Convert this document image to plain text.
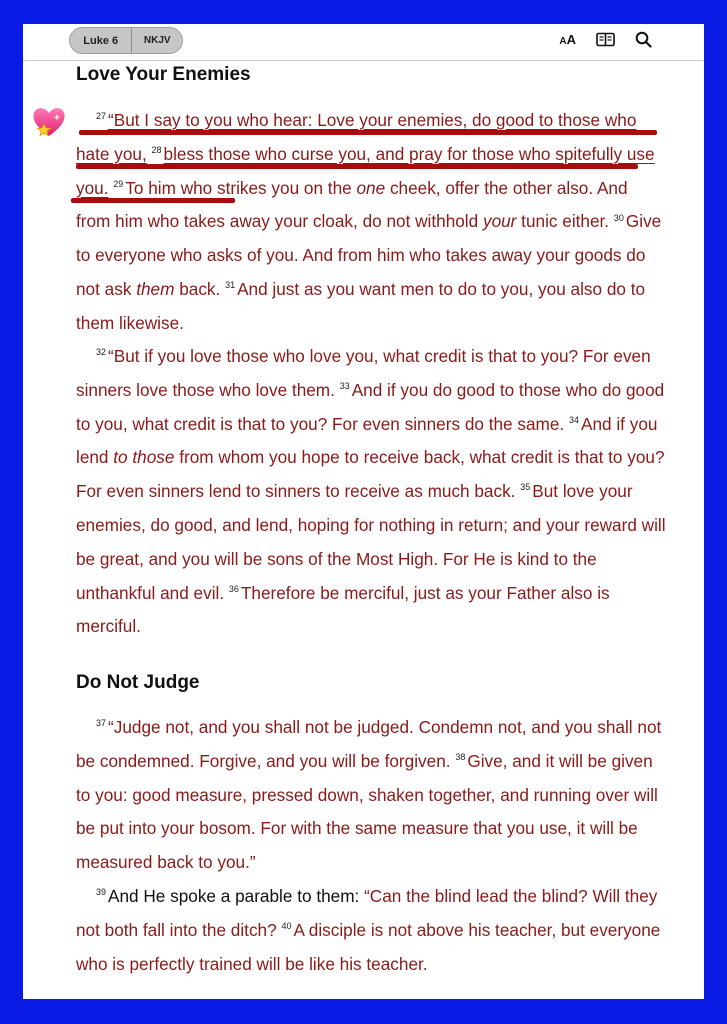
Luke 6	NKJV	AA
Love Your Enemies

$^{27}$ “But I say to you who hear: Love your enemies, do good to those who hate you, $^{28}$ bless those who curse you, and pray for those who spitefully use you. $^{29}$ To him who strikes you on the one cheek, offer the other also. And from him who takes away your cloak, do not withhold your tunic either. $^{30}$ Give to everyone who asks of you. And from him who takes away your goods do not ask them back. $^{31}$ And just as you want men to do to you, you also do to them likewise.

$^{32}$ “But if you love those who love you, what credit is that to you? For even sinners love those who love them. $^{33}$ And if you do good to those who do good to you, what credit is that to you? For even sinners do the same. $^{34}$ And if you lend to those from whom you hope to receive back, what credit is that to you? For even sinners lend to sinners to receive as much back. $^{35}$ But love your enemies, do good, and lend, hoping for nothing in return; and your reward will be great, and you will be sons of the Most High. For He is kind to the unthankful and evil. $^{36}$ Therefore be merciful, just as your Father also is merciful.

Do Not Judge

$^{37}$ “Judge not, and you shall not be judged. Condemn not, and you shall not be condemned. Forgive, and you will be forgiven. $^{38}$ Give, and it will be given to you: good measure, pressed down, shaken together, and running over will be put into your bosom. For with the same measure that you use, it will be measured back to you.”

$^{39}$ And He spoke a parable to them: “Can the blind lead the blind? Will they not both fall into the ditch? $^{40}$ A disciple is not above his teacher, but everyone who is perfectly trained will be like his teacher.
